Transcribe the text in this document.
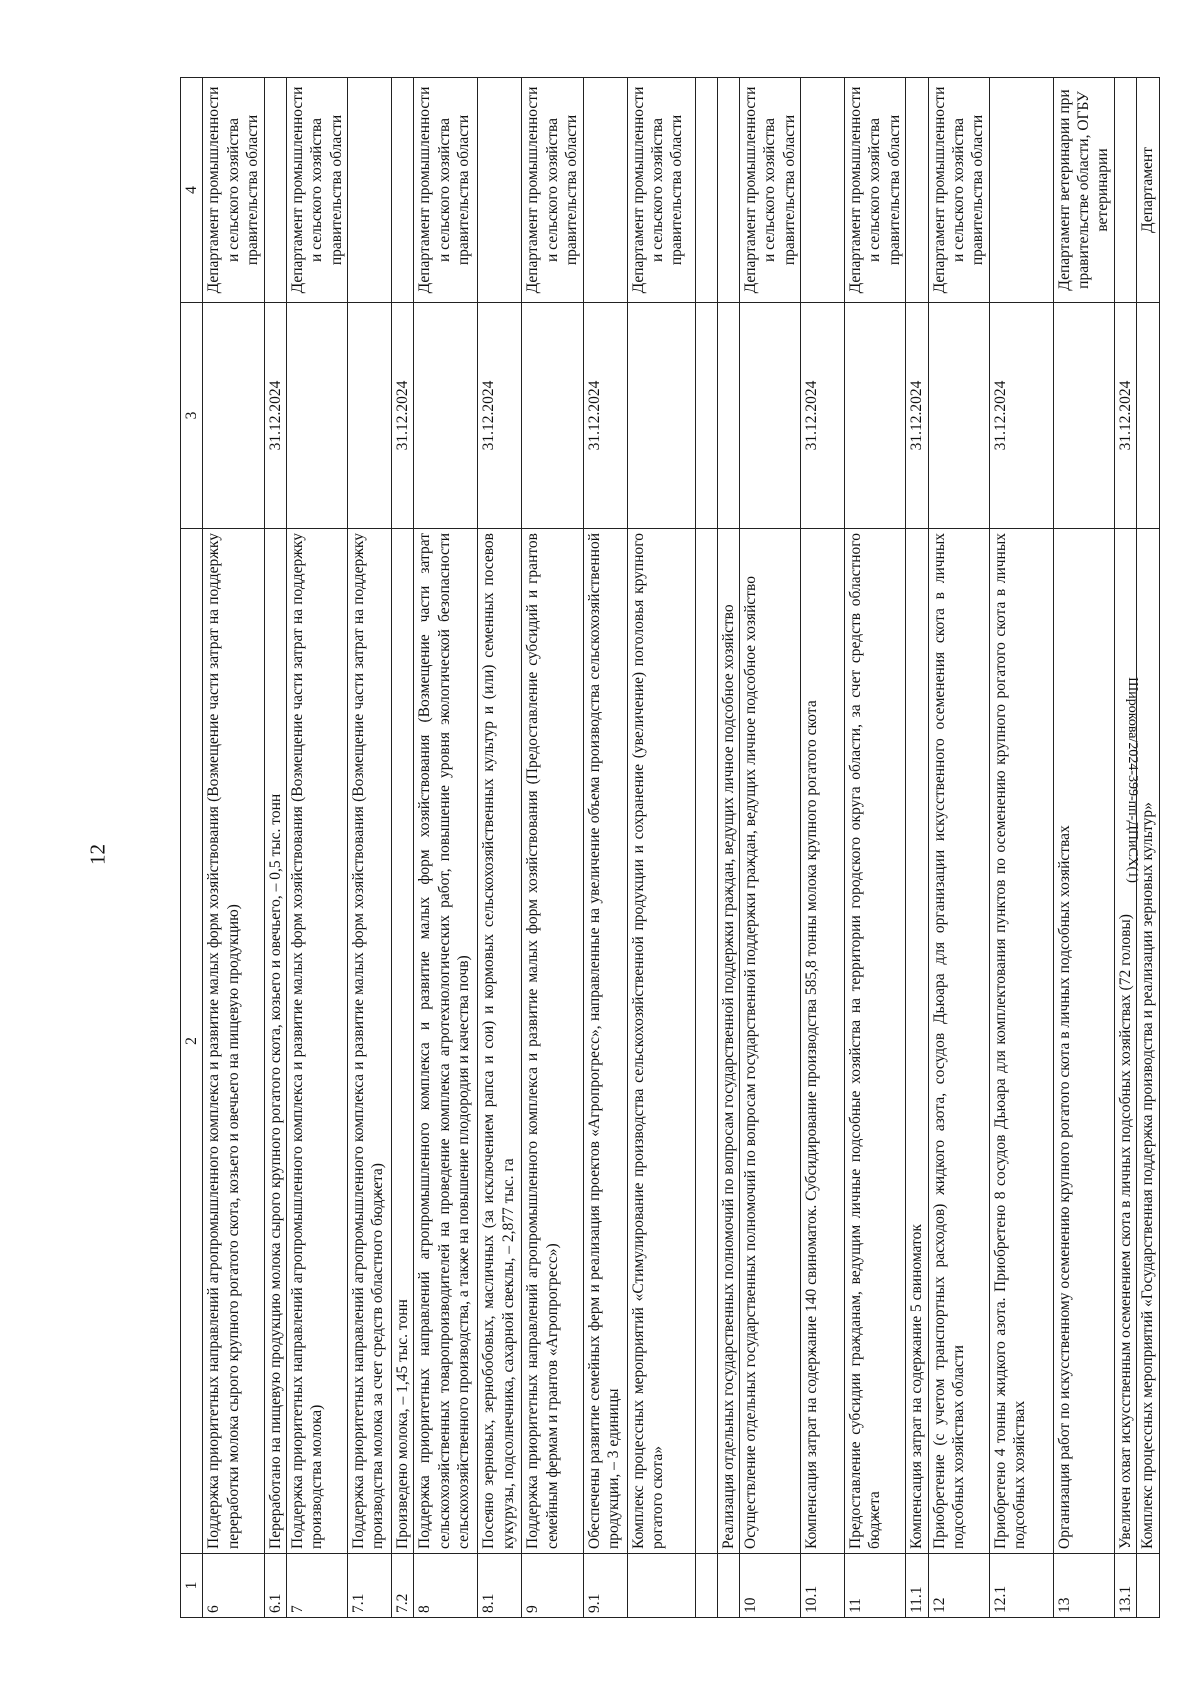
12	Широкова/2024-399-пп-ДПиСХ(1)
1	2	3	4
6	Поддержка приоритетных направлений агропромышленного комплекса и развитие малых форм хозяйствования (Возмещение части затрат на поддержку переработки молока сырого крупного рогатого скота, козьего и овечьего на пищевую продукцию)		Департамент промышленности и сельского хозяйства правительства области
6.1	Переработано на пищевую продукцию молока сырого крупного рогатого скота, козьего и овечьего, – 0,5 тыс. тонн	31.12.2024	
7	Поддержка приоритетных направлений агропромышленного комплекса и развитие малых форм хозяйствования (Возмещение части затрат на поддержку производства молока)		Департамент промышленности и сельского хозяйства правительства области
7.1	Поддержка приоритетных направлений агропромышленного комплекса и развитие малых форм хозяйствования (Возмещение части затрат на поддержку производства молока за счет средств областного бюджета)		
7.2	Произведено молока, – 1,45 тыс. тонн	31.12.2024	
8	Поддержка приоритетных направлений агропромышленного комплекса и развитие малых форм хозяйствования (Возмещение части затрат сельскохозяйственных товаропроизводителей на проведение комплекса агротехнологических работ, повышение уровня экологической безопасности сельскохозяйственного производства, а также на повышение плодородия и качества почв)		Департамент промышленности и сельского хозяйства правительства области
8.1	Посеяно зерновых, зернобобовых, масличных (за исключением рапса и сои) и кормовых сельскохозяйственных культур и (или) семенных посевов кукурузы, подсолнечника, сахарной свеклы, – 2,877 тыс. га	31.12.2024	
9	Поддержка приоритетных направлений агропромышленного комплекса и развитие малых форм хозяйствования (Предоставление субсидий и грантов семейным фермам и грантов «Агропрогресс»)		Департамент промышленности и сельского хозяйства правительства области
9.1	Обеспечены развитие семейных ферм и реализация проектов «Агропрогресс», направленные на увеличение объема производства сельскохозяйственной продукции, – 3 единицы	31.12.2024	
	Комплекс процессных мероприятий «Стимулирование производства сельскохозяйственной продукции и сохранение (увеличение) поголовья крупного рогатого скота»		Департамент промышленности и сельского хозяйства правительства области

	Реализация отдельных государственных полномочий по вопросам государственной поддержки граждан, ведущих личное подсобное хозяйство		
10	Осуществление отдельных государственных полномочий по вопросам государственной поддержки граждан, ведущих личное подсобное хозяйство		Департамент промышленности и сельского хозяйства правительства области
10.1	Компенсация затрат на содержание 140 свиноматок. Субсидирование производства 585,8 тонны молока крупного рогатого скота	31.12.2024	
11	Предоставление субсидии гражданам, ведущим личные подсобные хозяйства на территории городского округа области, за счет средств областного бюджета		Департамент промышленности и сельского хозяйства правительства области
11.1	Компенсация затрат на содержание 5 свиноматок	31.12.2024	
12	Приобретение (с учетом транспортных расходов) жидкого азота, сосудов Дьюара для организации искусственного осеменения скота в личных подсобных хозяйствах области		Департамент промышленности и сельского хозяйства правительства области
12.1	Приобретено 4 тонны жидкого азота. Приобретено 8 сосудов Дьюара для комплектования пунктов по осеменению крупного рогатого скота в личных подсобных хозяйствах	31.12.2024	
13	Организация работ по искусственному осеменению крупного рогатого скота в личных подсобных хозяйствах		Департамент ветеринарии при правительстве области, ОГБУ ветеринарии
13.1	Увеличен охват искусственным осеменением скота в личных подсобных хозяйствах (72 головы)	31.12.2024	
	Комплекс процессных мероприятий «Государственная поддержка производства и реализации зерновых культур»		Департамент
